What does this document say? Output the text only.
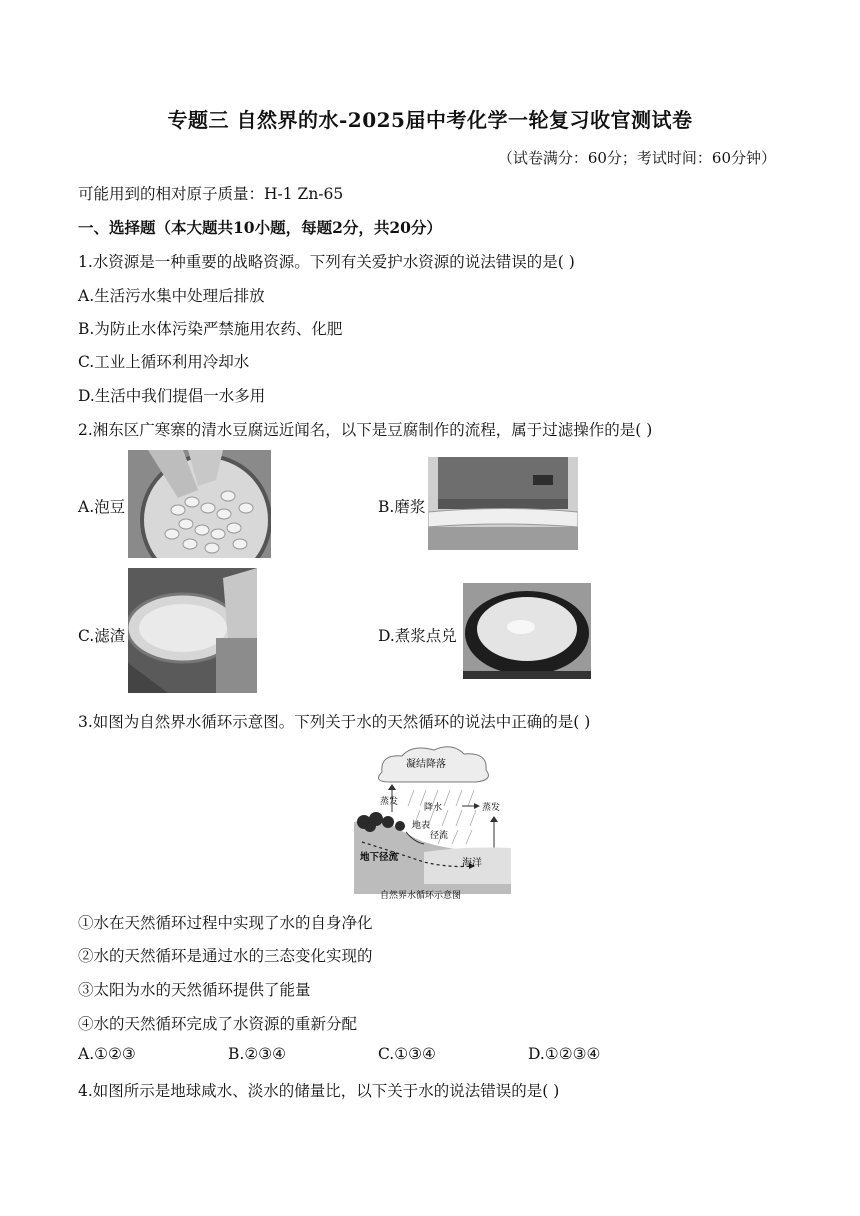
专题三 自然界的水-2025届中考化学一轮复习收官测试卷
（试卷满分：60分；考试时间：60分钟）
可能用到的相对原子质量：H-1 Zn-65
一、选择题（本大题共10小题，每题2分，共20分）
1.水资源是一种重要的战略资源。下列有关爱护水资源的说法错误的是( )
A.生活污水集中处理后排放
B.为防止水体污染严禁施用农药、化肥
C.工业上循环利用冷却水
D.生活中我们提倡一水多用
2.湘东区广寒寨的清水豆腐远近闻名，以下是豆腐制作的流程，属于过滤操作的是( )
A.泡豆	B.磨浆
C.滤渣	D.煮浆点兑
3.如图为自然界水循环示意图。下列关于水的天然循环的说法中正确的是( )
凝结降落
蒸发
降水	蒸发
地表
径流
地下径流
海洋
自然界水循环示意图
①水在天然循环过程中实现了水的自身净化
②水的天然循环是通过水的三态变化实现的
③太阳为水的天然循环提供了能量
④水的天然循环完成了水资源的重新分配
A.①②③	B.②③④	C.①③④	D.①②③④
4.如图所示是地球咸水、淡水的储量比，以下关于水的说法错误的是( )
